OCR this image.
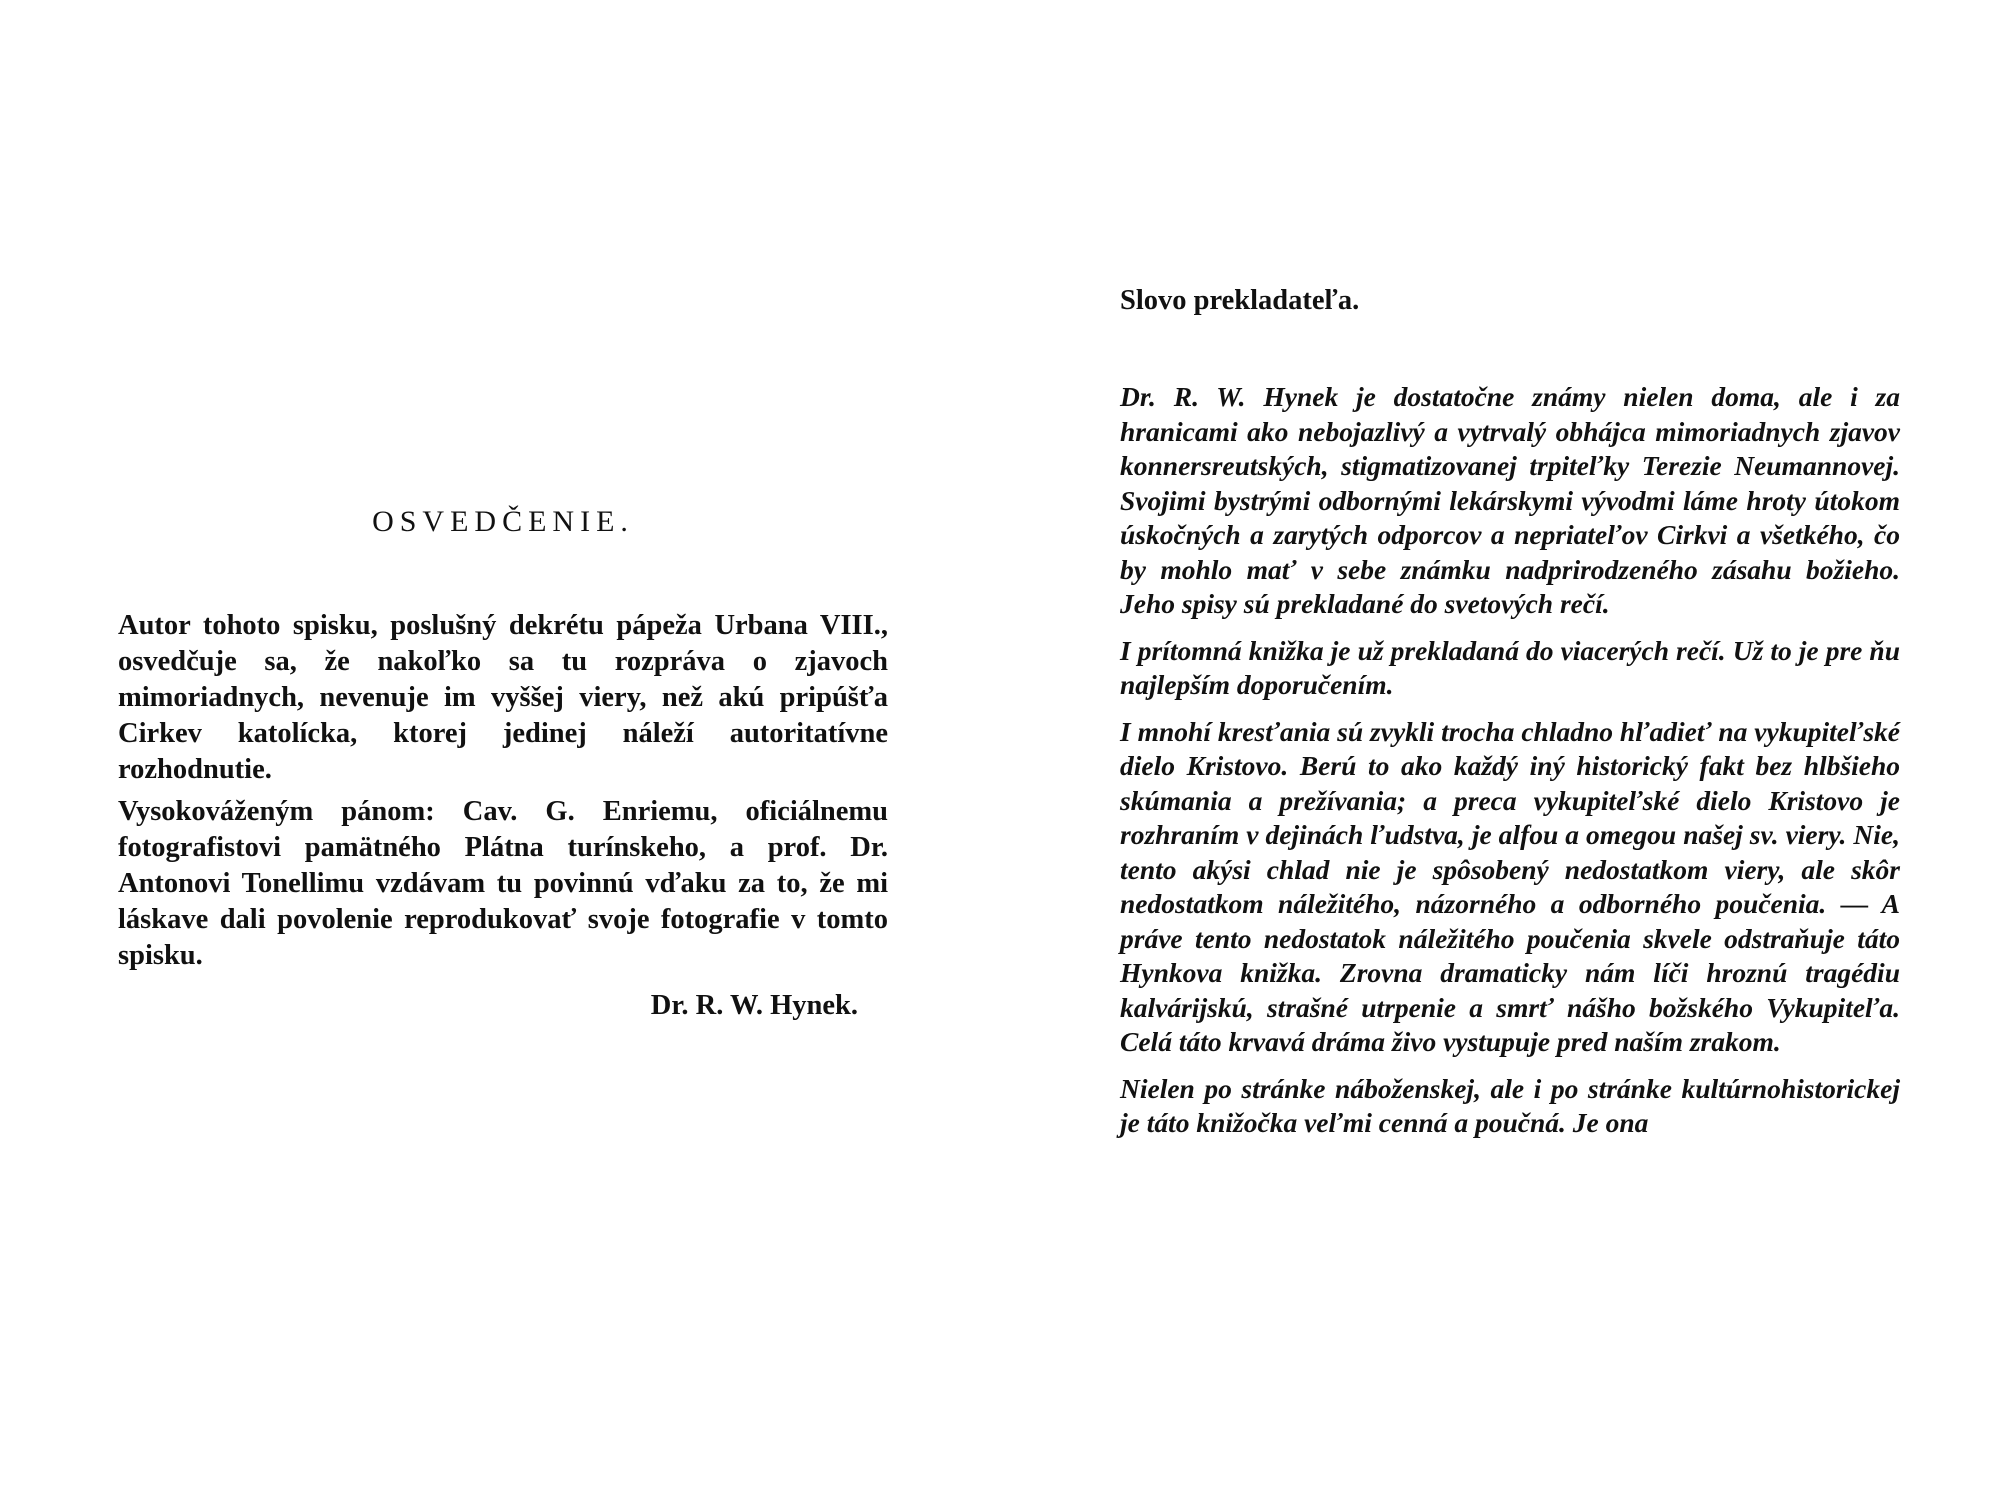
OSVEDČENIE.

Autor tohoto spisku, poslušný dekrétu pápeža Urbana VIII., osvedčuje sa, že nakoľko sa tu rozpráva o zjavoch mimoriadnych, nevenuje im vyššej viery, než akú pripúšťa Cirkev katolícka, ktorej jedinej náleží autoritatívne rozhodnutie.

Vysokováženým pánom: Cav. G. Enriemu, oficiálnemu fotografistovi pamätného Plátna turínskeho, a prof. Dr. Antonovi Tonellimu vzdávam tu povinnú vďaku za to, že mi láskave dali povolenie reprodukovať svoje fotografie v tomto spisku.

Dr. R. W. Hynek.
Slovo prekladateľa.

Dr. R. W. Hynek je dostatočne známy nielen doma, ale i za hranicami ako nebojazlivý a vytrvalý obhájca mimoriadnych zjavov konnersreutských, stigmatizovanej trpiteľky Terezie Neumannovej. Svojimi bystrými odbornými lekárskymi vývodmi láme hroty útokom úskočných a zarytých odporcov a nepriateľov Cirkvi a všetkého, čo by mohlo mať v sebe známku nadprirodzeného zásahu božieho. Jeho spisy sú prekladané do svetových rečí.

I prítomná knižka je už prekladaná do viacerých rečí. Už to je pre ňu najlepším doporučením.

I mnohí kresťania sú zvykli trocha chladno hľadieť na vykupiteľské dielo Kristovo. Berú to ako každý iný historický fakt bez hlbšieho skúmania a prežívania; a preca vykupiteľské dielo Kristovo je rozhraním v dejinách ľudstva, je alfou a omegou našej sv. viery. Nie, tento akýsi chlad nie je spôsobený nedostatkom viery, ale skôr nedostatkom náležitého, názorného a odborného poučenia. — A práve tento nedostatok náležitého poučenia skvele odstraňuje táto Hynkova knižka. Zrovna dramaticky nám líči hroznú tragédiu kalvárijskú, strašné utrpenie a smrť nášho božského Vykupiteľa. Celá táto krvavá dráma živo vystupuje pred naším zrakom.

Nielen po stránke náboženskej, ale i po stránke kultúrnohistorickej je táto knižočka veľmi cenná a poučná. Je ona
